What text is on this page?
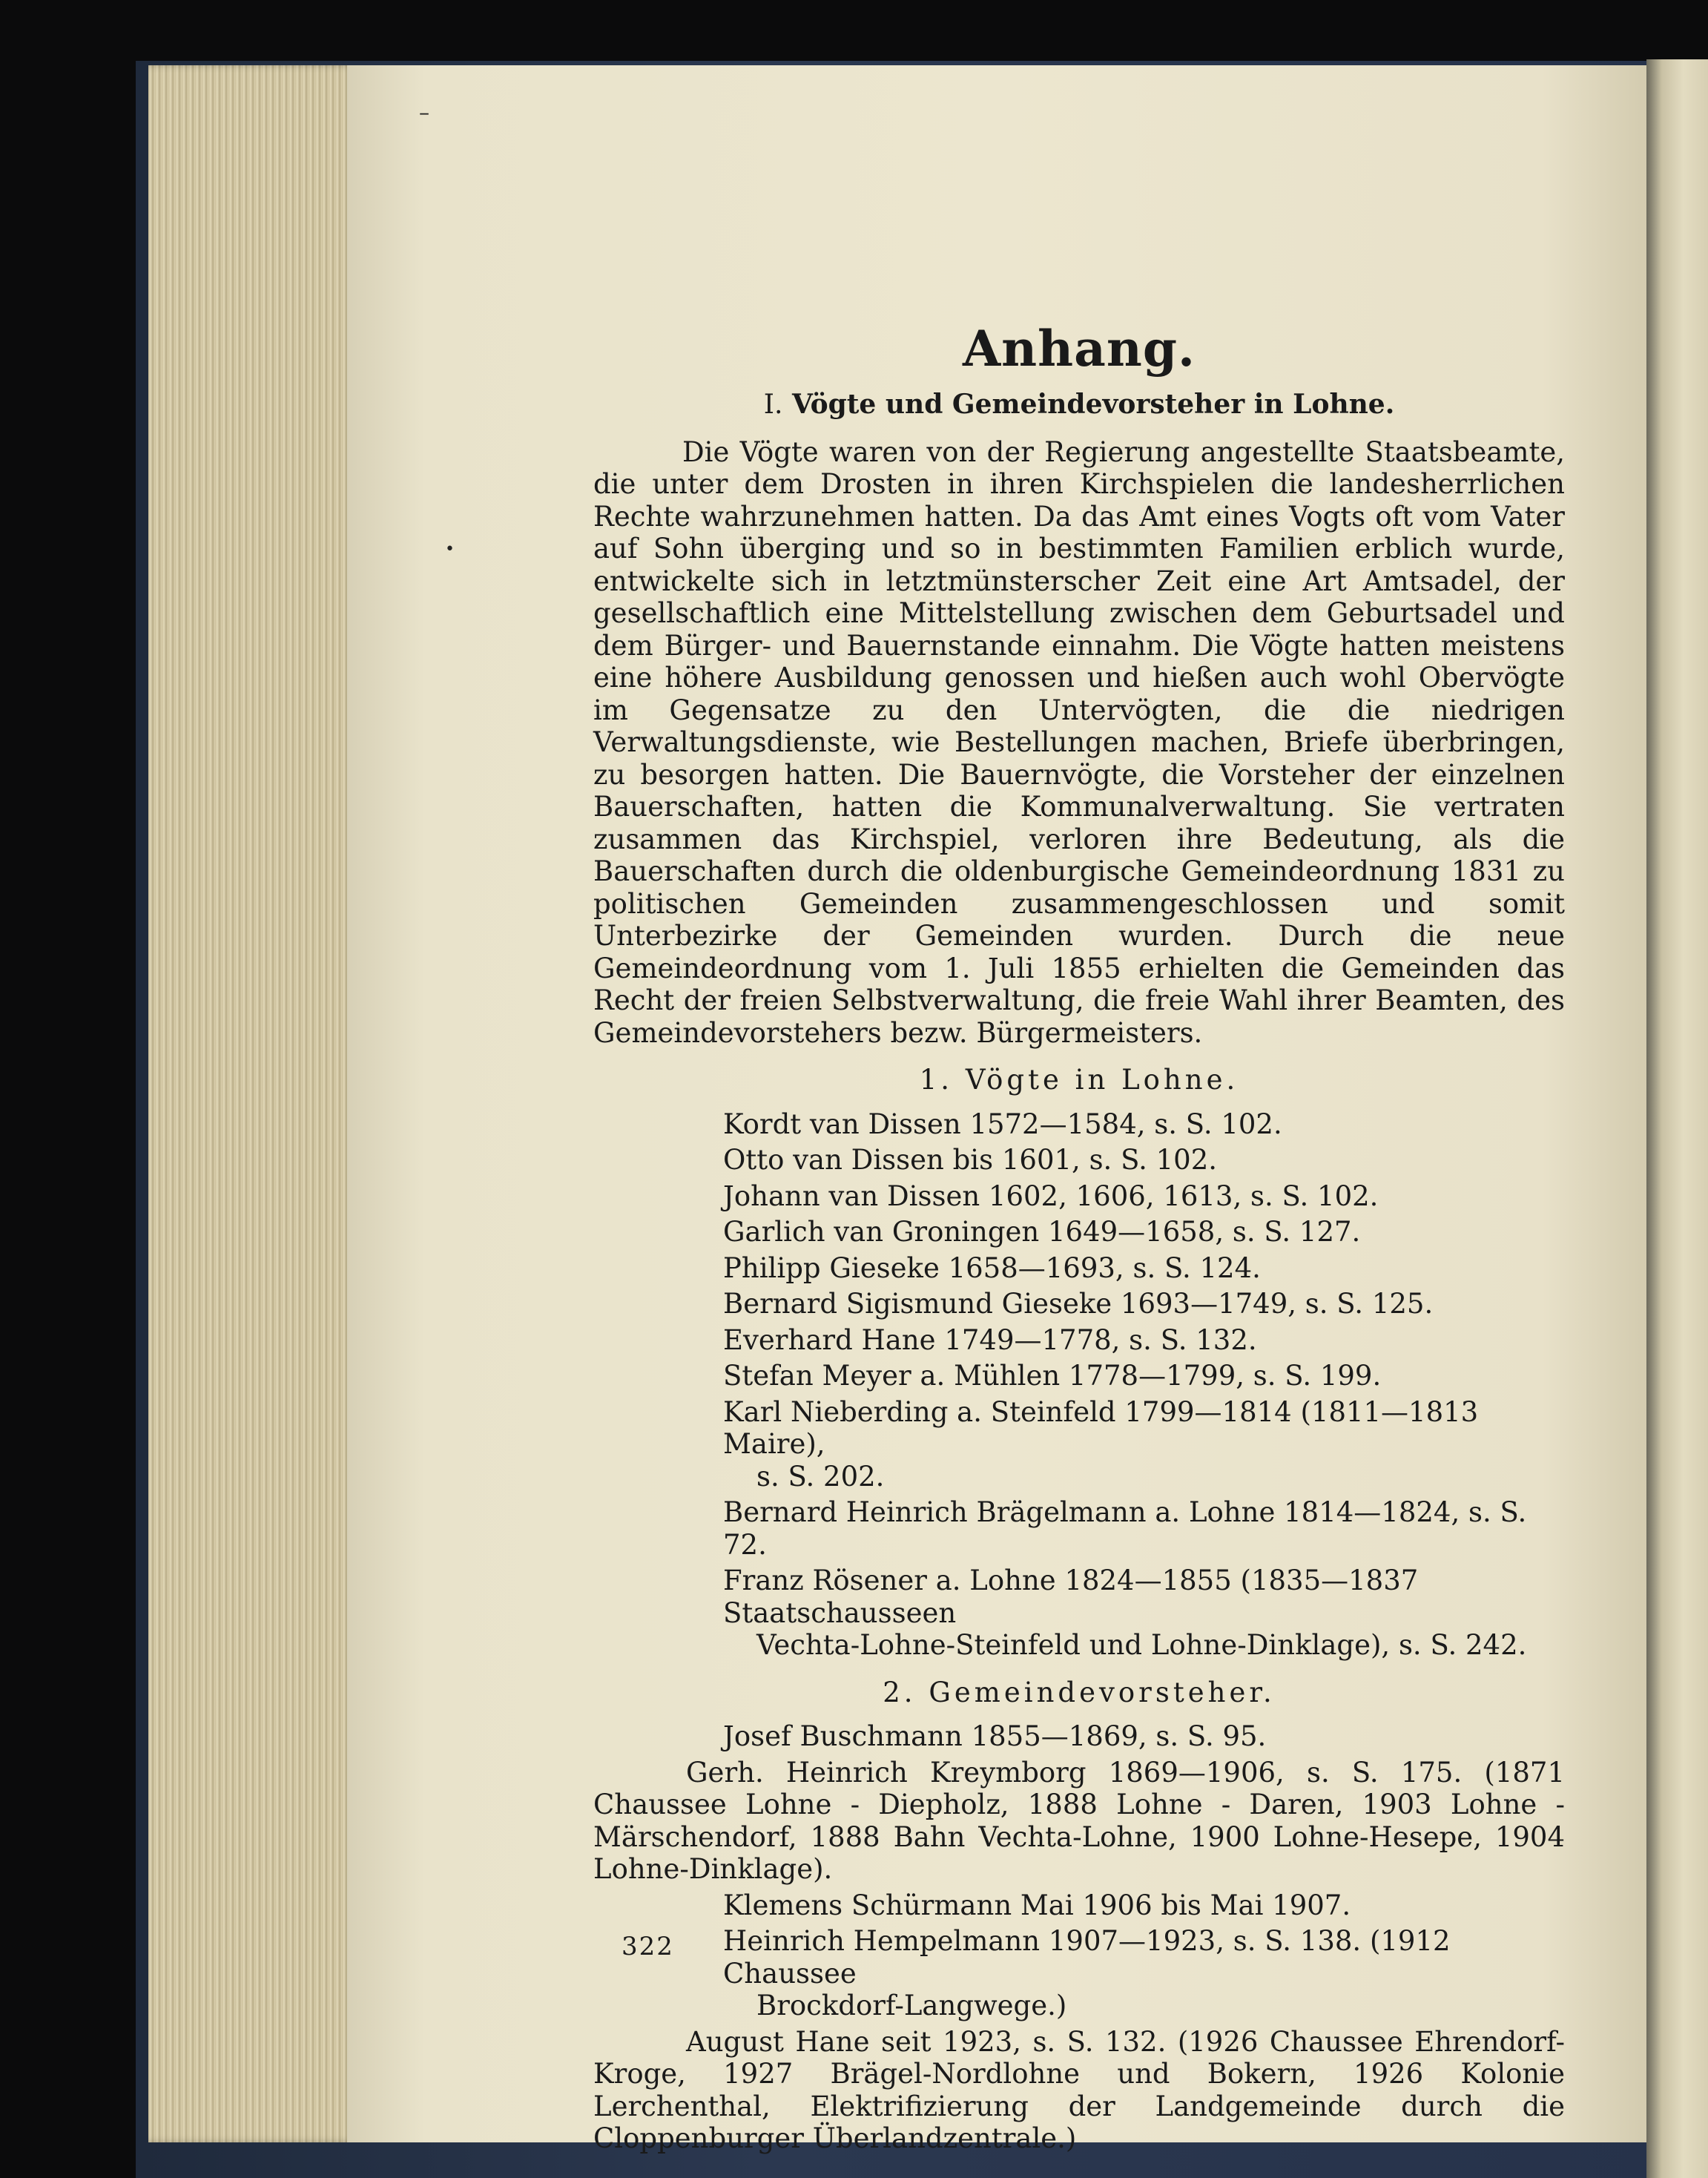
–
•
Anhang.
I. Vögte und Gemeindevorsteher in Lohne.

Die Vögte waren von der Regierung angestellte Staatsbeamte, die unter dem Drosten in ihren Kirchspielen die landesherrlichen Rechte wahrzunehmen hatten. Da das Amt eines Vogts oft vom Vater auf Sohn überging und so in bestimmten Familien erblich wurde, entwickelte sich in letztmünsterscher Zeit eine Art Amtsadel, der gesellschaftlich eine Mittelstellung zwischen dem Geburtsadel und dem Bürger- und Bauernstande einnahm. Die Vögte hatten meistens eine höhere Ausbildung genossen und hießen auch wohl Obervögte im Gegensatze zu den Untervögten, die die niedrigen Verwaltungsdienste, wie Bestellungen machen, Briefe überbringen, zu besorgen hatten. Die Bauernvögte, die Vorsteher der einzelnen Bauerschaften, hatten die Kommunalverwaltung. Sie vertraten zusammen das Kirchspiel, verloren ihre Bedeutung, als die Bauerschaften durch die oldenburgische Gemeindeordnung 1831 zu politischen Gemeinden zusammengeschlossen und somit Unterbezirke der Gemeinden wurden. Durch die neue Gemeindeordnung vom 1. Juli 1855 erhielten die Gemeinden das Recht der freien Selbstverwaltung, die freie Wahl ihrer Beamten, des Gemeindevorstehers bezw. Bürgermeisters.

1. Vögte in Lohne.
Kordt van Dissen 1572—1584, s. S. 102.
Otto van Dissen bis 1601, s. S. 102.
Johann van Dissen 1602, 1606, 1613, s. S. 102.
Garlich van Groningen 1649—1658, s. S. 127.
Philipp Gieseke 1658—1693, s. S. 124.
Bernard Sigismund Gieseke 1693—1749, s. S. 125.
Everhard Hane 1749—1778, s. S. 132.
Stefan Meyer a. Mühlen 1778—1799, s. S. 199.
Karl Nieberding a. Steinfeld 1799—1814 (1811—1813 Maire),
s. S. 202.
Bernard Heinrich Brägelmann a. Lohne 1814—1824, s. S. 72.
Franz Rösener a. Lohne 1824—1855 (1835—1837 Staatschausseen
Vechta-Lohne-Steinfeld und Lohne-Dinklage), s. S. 242.
2. Gemeindevorsteher.
Josef Buschmann 1855—1869, s. S. 95.
Gerh. Heinrich Kreymborg 1869—1906, s. S. 175. (1871 Chaussee Lohne - Diepholz, 1888 Lohne - Daren, 1903 Lohne - Märschendorf, 1888 Bahn Vechta-Lohne, 1900 Lohne-Hesepe, 1904 Lohne-Dinklage).
Klemens Schürmann Mai 1906 bis Mai 1907.
Heinrich Hempelmann 1907—1923, s. S. 138. (1912 Chaussee
Brockdorf-Langwege.)
August Hane seit 1923, s. S. 132. (1926 Chaussee Ehrendorf-Kroge, 1927 Brägel-Nordlohne und Bokern, 1926 Kolonie Lerchenthal, Elektrifizierung der Landgemeinde durch die Cloppenburger Überlandzentrale.)
322
